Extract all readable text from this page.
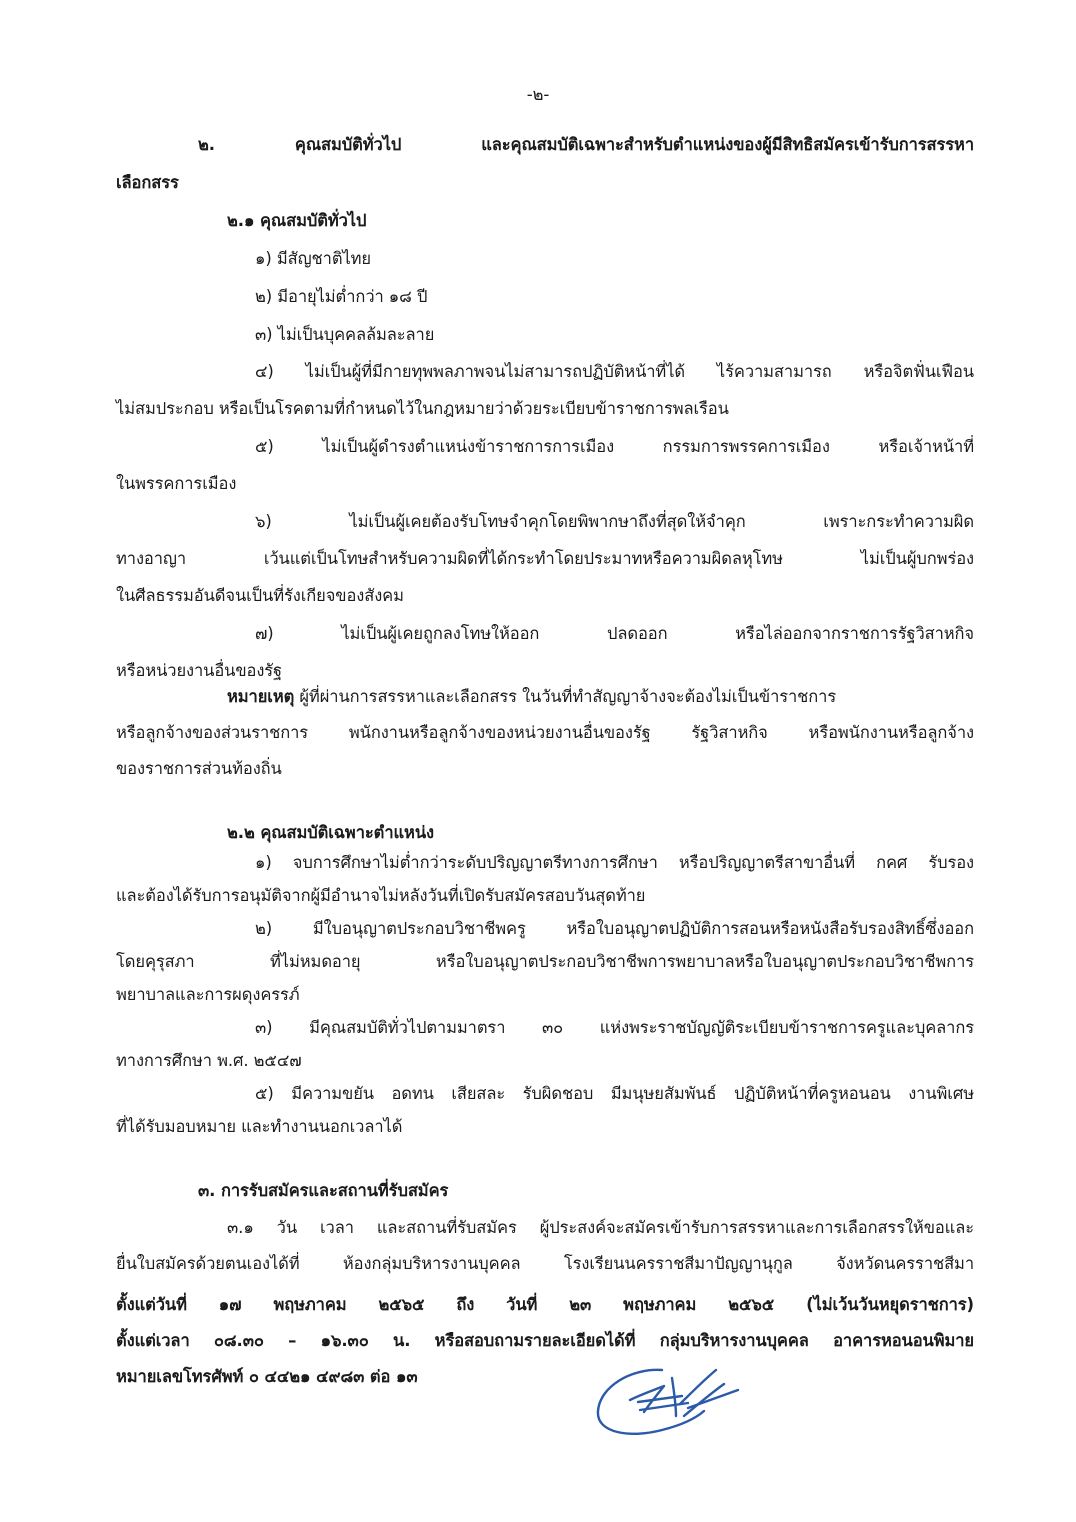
-๒-
๒. คุณสมบัติทั่วไป และคุณสมบัติเฉพาะสำหรับตำแหน่งของผู้มีสิทธิสมัครเข้ารับการสรรหา
เลือกสรร
๒.๑ คุณสมบัติทั่วไป
๑) มีสัญชาติไทย
๒) มีอายุไม่ต่ำกว่า ๑๘ ปี
๓) ไม่เป็นบุคคลล้มละลาย
๔) ไม่เป็นผู้ที่มีกายทุพพลภาพจนไม่สามารถปฏิบัติหน้าที่ได้ ไร้ความสามารถ หรือจิตฟั่นเฟือน
ไม่สมประกอบ หรือเป็นโรคตามที่กำหนดไว้ในกฎหมายว่าด้วยระเบียบข้าราชการพลเรือน
๕) ไม่เป็นผู้ดำรงตำแหน่งข้าราชการการเมือง กรรมการพรรคการเมือง หรือเจ้าหน้าที่
ในพรรคการเมือง
๖) ไม่เป็นผู้เคยต้องรับโทษจำคุกโดยพิพากษาถึงที่สุดให้จำคุก เพราะกระทำความผิด
ทางอาญา เว้นแต่เป็นโทษสำหรับความผิดที่ได้กระทำโดยประมาทหรือความผิดลหุโทษ ไม่เป็นผู้บกพร่อง
ในศีลธรรมอันดีจนเป็นที่รังเกียจของสังคม
๗) ไม่เป็นผู้เคยถูกลงโทษให้ออก ปลดออก หรือไล่ออกจากราชการรัฐวิสาหกิจ
หรือหน่วยงานอื่นของรัฐ
หมายเหตุ ผู้ที่ผ่านการสรรหาและเลือกสรร ในวันที่ทำสัญญาจ้างจะต้องไม่เป็นข้าราชการ
หรือลูกจ้างของส่วนราชการ พนักงานหรือลูกจ้างของหน่วยงานอื่นของรัฐ รัฐวิสาหกิจ หรือพนักงานหรือลูกจ้าง
ของราชการส่วนท้องถิ่น
๒.๒ คุณสมบัติเฉพาะตำแหน่ง
๑) จบการศึกษาไม่ต่ำกว่าระดับปริญญาตรีทางการศึกษา หรือปริญญาตรีสาขาอื่นที่ กคศ รับรอง
และต้องได้รับการอนุมัติจากผู้มีอำนาจไม่หลังวันที่เปิดรับสมัครสอบวันสุดท้าย
๒) มีใบอนุญาตประกอบวิชาชีพครู หรือใบอนุญาตปฏิบัติการสอนหรือหนังสือรับรองสิทธิ์ซึ่งออก
โดยคุรุสภา ที่ไม่หมดอายุ หรือใบอนุญาตประกอบวิชาชีพการพยาบาลหรือใบอนุญาตประกอบวิชาชีพการ
พยาบาลและการผดุงครรภ์
๓) มีคุณสมบัติทั่วไปตามมาตรา ๓๐ แห่งพระราชบัญญัติระเบียบข้าราชการครูและบุคลากร
ทางการศึกษา พ.ศ. ๒๕๔๗
๕) มีความขยัน อดทน เสียสละ รับผิดชอบ มีมนุษยสัมพันธ์ ปฏิบัติหน้าที่ครูหอนอน งานพิเศษ
ที่ได้รับมอบหมาย และทำงานนอกเวลาได้
๓. การรับสมัครและสถานที่รับสมัคร
๓.๑ วัน เวลา และสถานที่รับสมัคร ผู้ประสงค์จะสมัครเข้ารับการสรรหาและการเลือกสรรให้ขอและ
ยื่นใบสมัครด้วยตนเองได้ที่ ห้องกลุ่มบริหารงานบุคคล โรงเรียนนครราชสีมาปัญญานุกูล จังหวัดนครราชสีมา
ตั้งแต่วันที่ ๑๗ พฤษภาคม ๒๕๖๕ ถึง วันที่ ๒๓ พฤษภาคม ๒๕๖๕ (ไม่เว้นวันหยุดราชการ)
ตั้งแต่เวลา ๐๘.๓๐ – ๑๖.๓๐ น. หรือสอบถามรายละเอียดได้ที่ กลุ่มบริหารงานบุคคล อาคารหอนอนพิมาย
หมายเลขโทรศัพท์ ๐ ๔๔๒๑ ๔๙๘๓ ต่อ ๑๓
